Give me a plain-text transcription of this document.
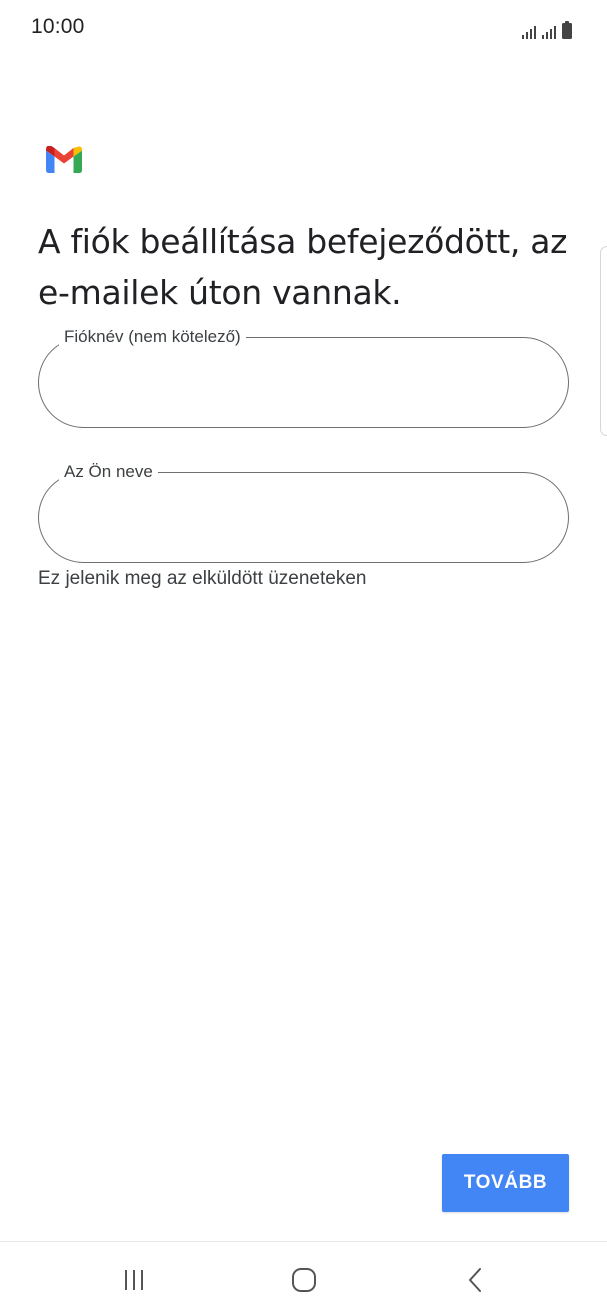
10:00
A fiók beállítása befejeződött, az e-mailek úton vannak.
Fióknév (nem kötelező)
Az Ön neve
Ez jelenik meg az elküldött üzeneteken
TOVÁBB
